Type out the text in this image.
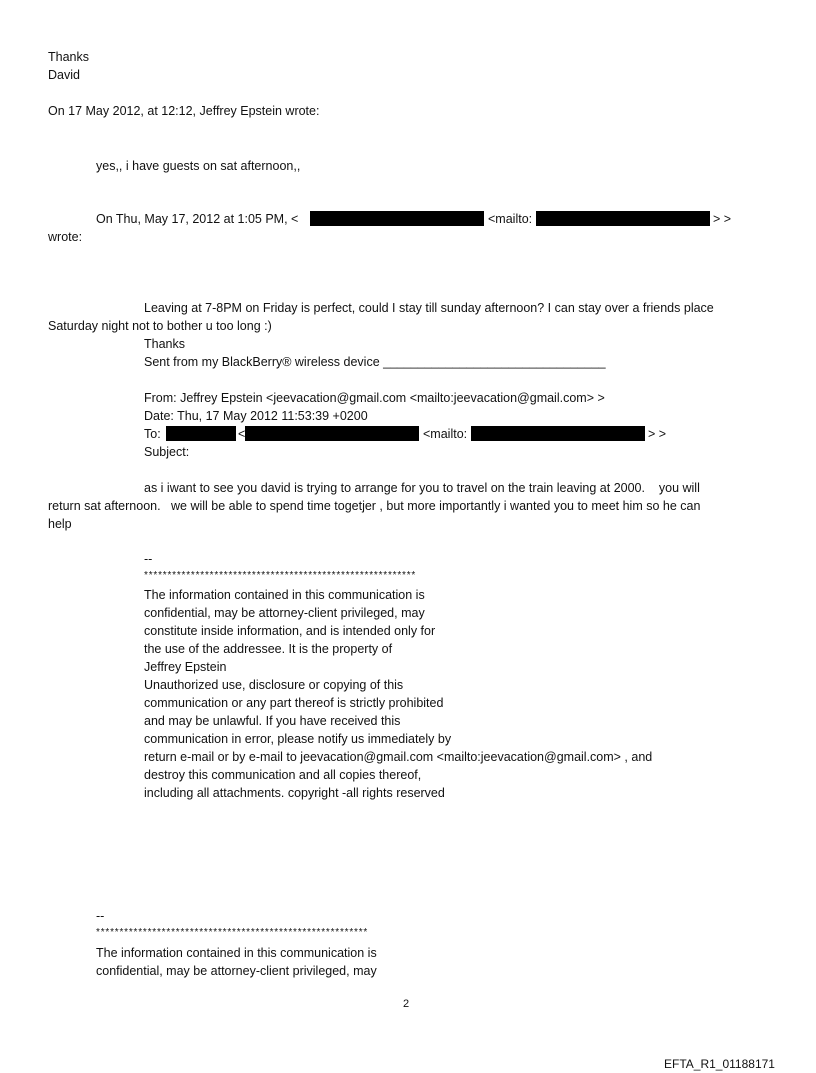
Thanks
David
On 17 May 2012, at 12:12, Jeffrey Epstein wrote:
yes,, i have guests on sat afternoon,,
On Thu, May 17, 2012 at 1:05 PM, <	<mailto:	> >
wrote:
Leaving at 7-8PM on Friday is perfect, could I stay till sunday afternoon? I can stay over a friends place
Saturday night not to bother u too long :)
Thanks
Sent from my BlackBerry® wireless device ________________________________
From: Jeffrey Epstein <jeevacation@gmail.com <mailto:jeevacation@gmail.com> >
Date: Thu, 17 May 2012 11:53:39 +0200
To:	<	<mailto:	> >
Subject:
as i iwant to see you david is trying to arrange for you to travel on the train leaving at 2000.    you will
return sat afternoon.   we will be able to spend time togetjer , but more importantly i wanted you to meet him so he can
help
--
**********************************************************
The information contained in this communication is
confidential, may be attorney-client privileged, may
constitute inside information, and is intended only for
the use of the addressee. It is the property of
Jeffrey Epstein
Unauthorized use, disclosure or copying of this
communication or any part thereof is strictly prohibited
and may be unlawful. If you have received this
communication in error, please notify us immediately by
return e-mail or by e-mail to jeevacation@gmail.com <mailto:jeevacation@gmail.com> , and
destroy this communication and all copies thereof,
including all attachments. copyright -all rights reserved
--
**********************************************************
The information contained in this communication is
confidential, may be attorney-client privileged, may
2
EFTA_R1_01188171
